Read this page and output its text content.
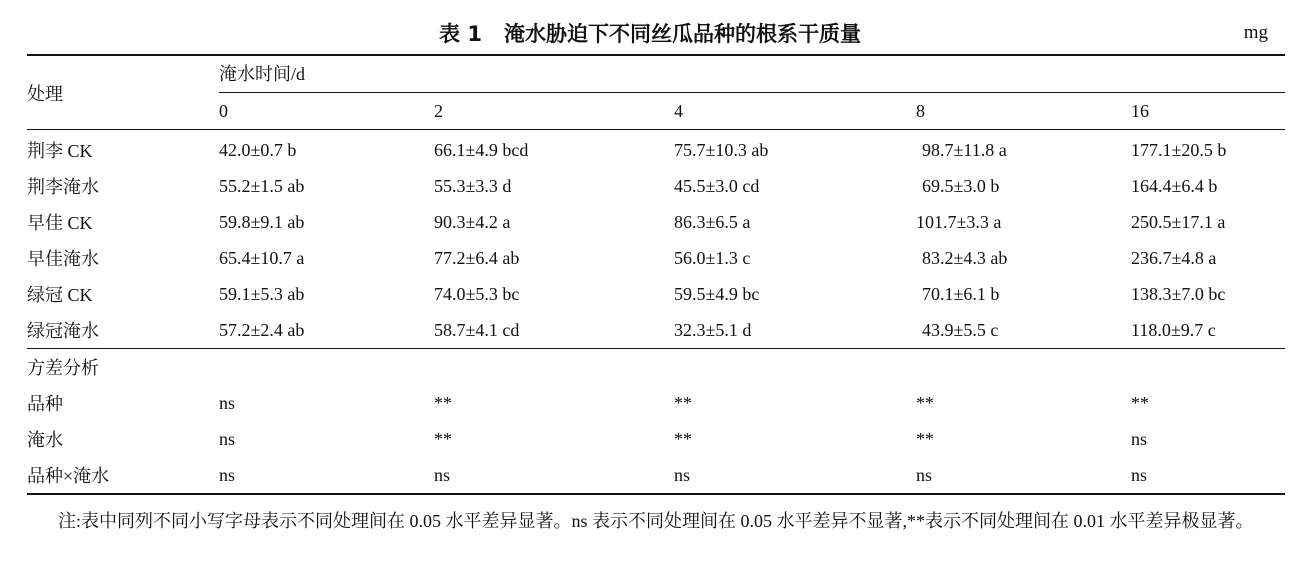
表 1 淹水胁迫下不同丝瓜品种的根系干质量	mg
处理	淹水时间/d				

	0	2	4	8	16
荆李 CK	42.0±0.7 b	66.1±4.9 bcd	75.7±10.3 ab	98.7±11.8 a	177.1±20.5 b
荆李淹水	55.2±1.5 ab	55.3±3.3 d	45.5±3.0 cd	69.5±3.0 b	164.4±6.4 b
早佳 CK	59.8±9.1 ab	90.3±4.2 a	86.3±6.5 a	101.7±3.3 a	250.5±17.1 a
早佳淹水	65.4±10.7 a	77.2±6.4 ab	56.0±1.3 c	83.2±4.3 ab	236.7±4.8 a
绿冠 CK	59.1±5.3 ab	74.0±5.3 bc	59.5±4.9 bc	70.1±6.1 b	138.3±7.0 bc
绿冠淹水	57.2±2.4 ab	58.7±4.1 cd	32.3±5.1 d	43.9±5.5 c	118.0±9.7 c
方差分析					
品种	ns	**	**	**	**
淹水	ns	**	**	**	ns
品种×淹水	ns	ns	ns	ns	ns
注:表中同列不同小写字母表示不同处理间在 0.05 水平差异显著。ns 表示不同处理间在 0.05 水平差异不显著,**表示不同处理间在 0.01 水平差异极显著。
